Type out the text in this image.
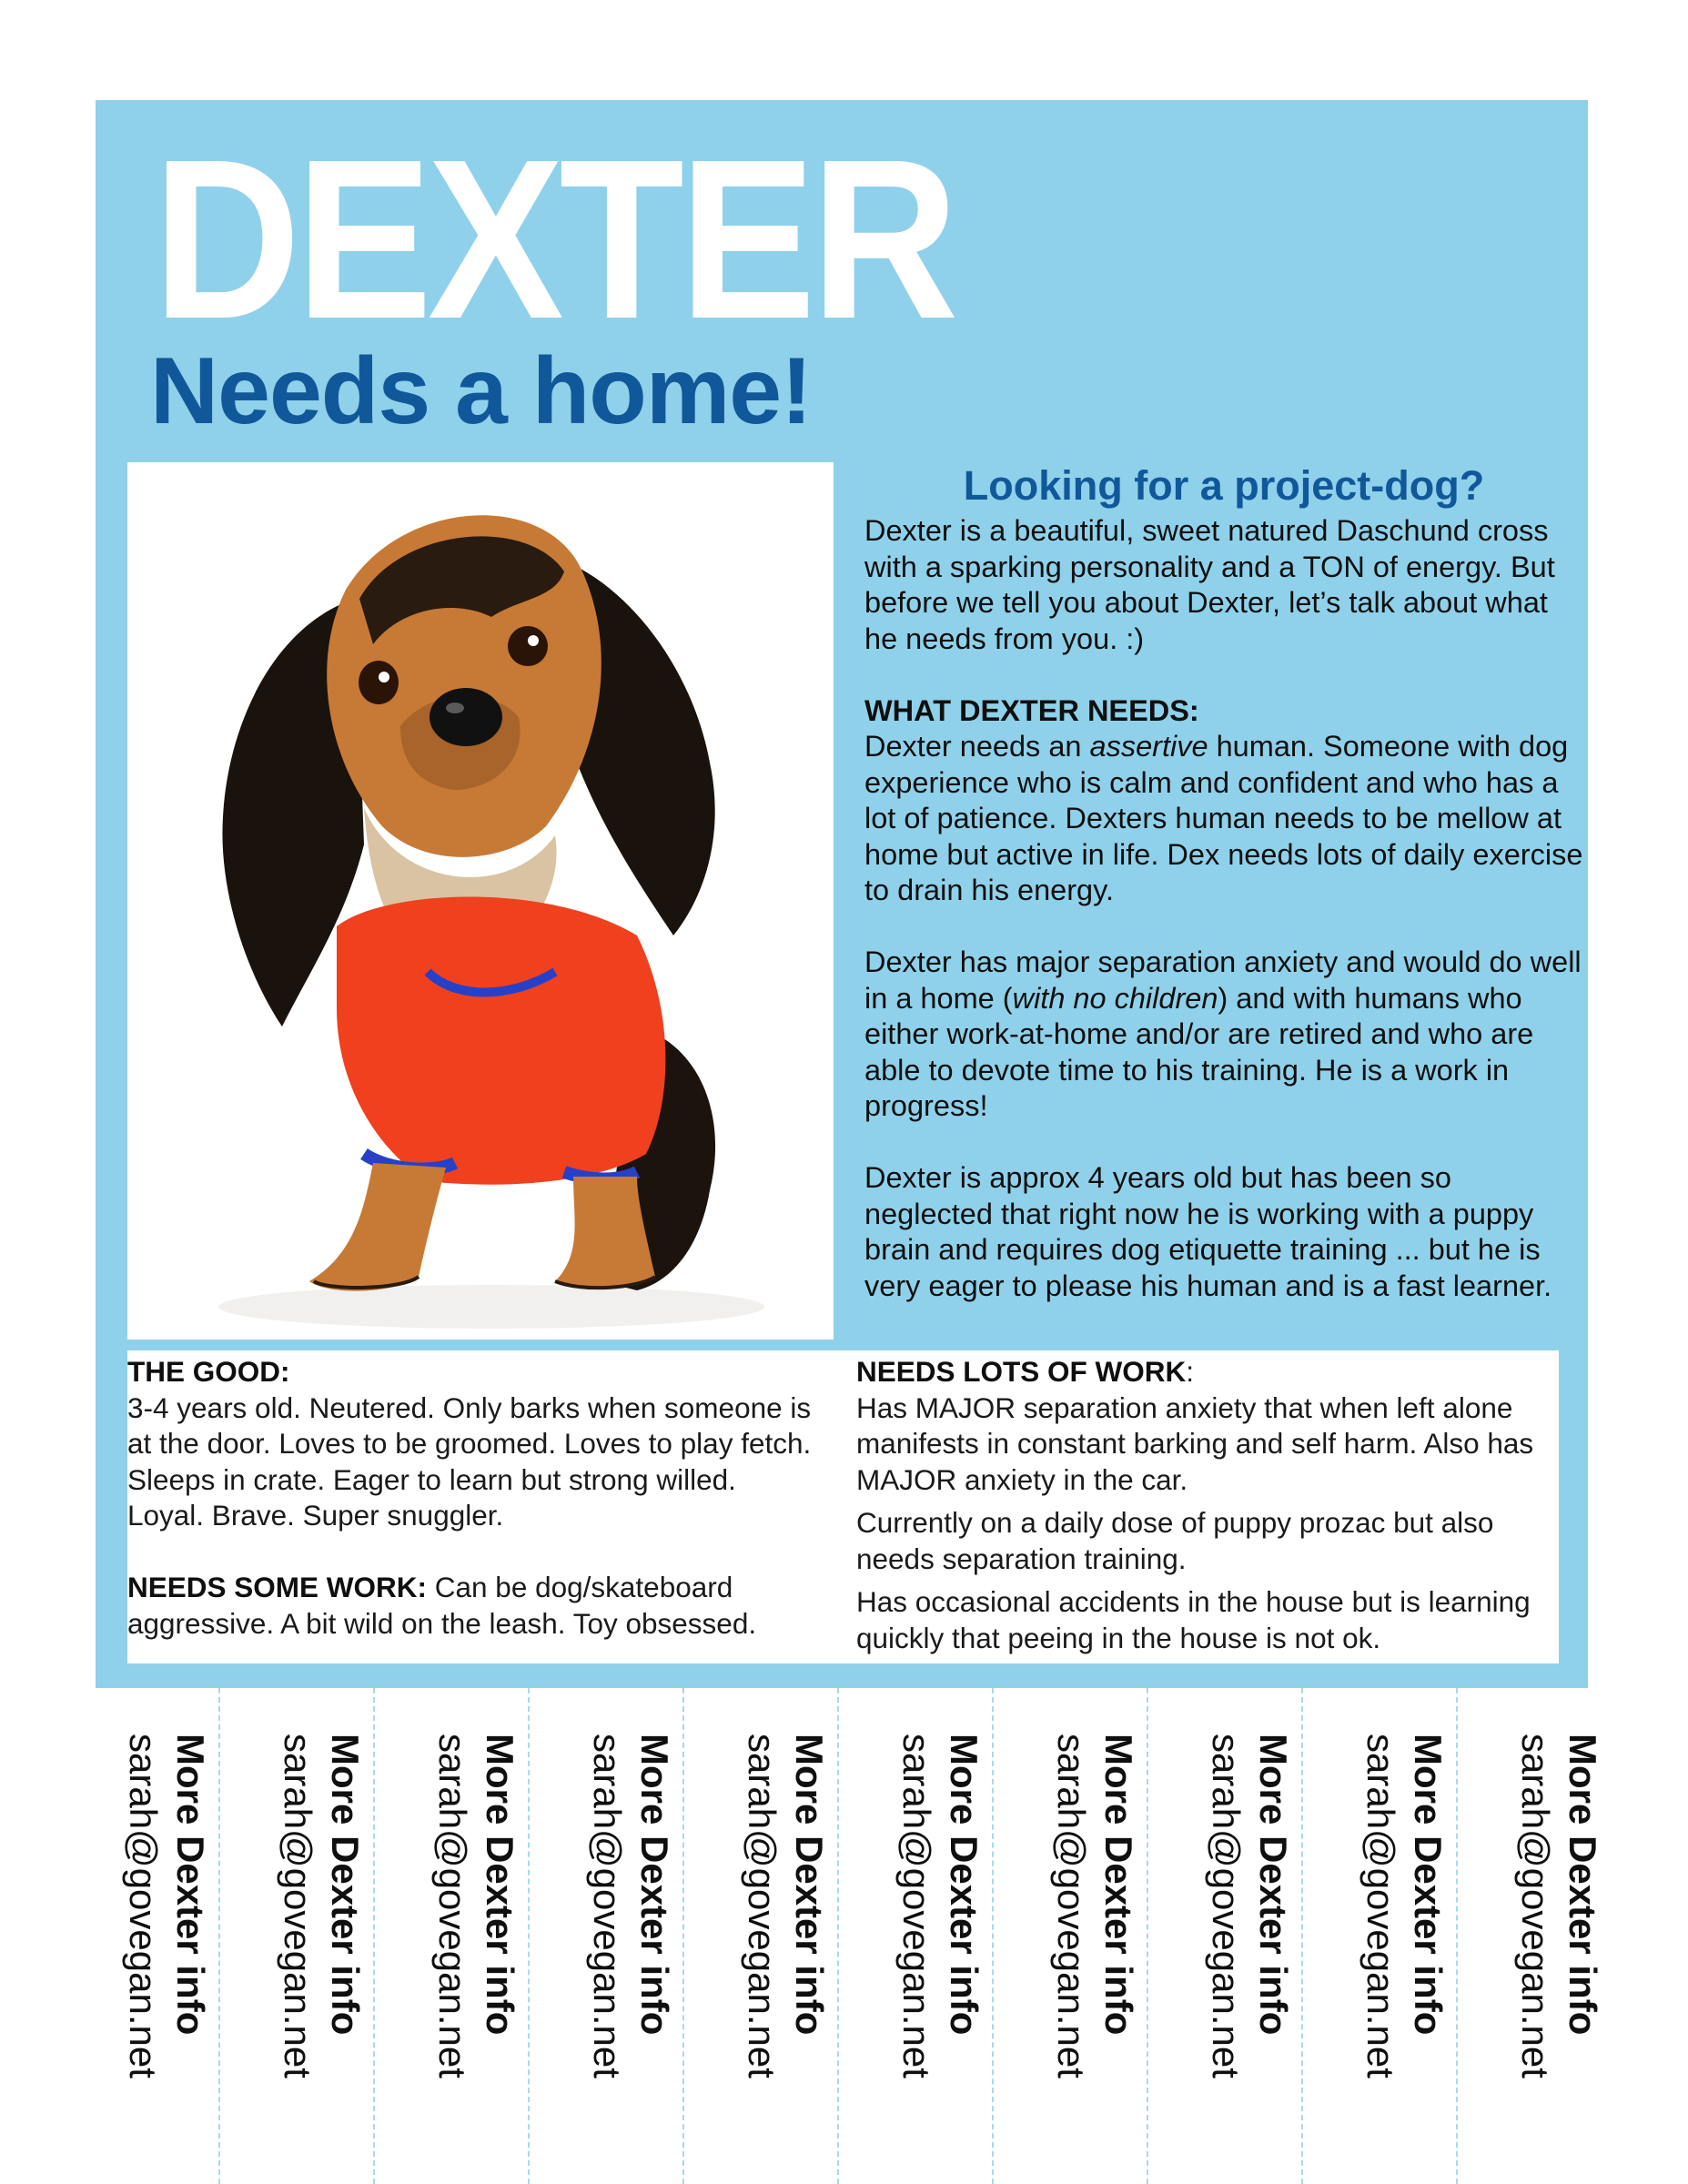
DEXTER
Needs a home!
Looking for a project-dog?

Dexter is a beautiful, sweet natured Daschund cross with a sparking personality and a TON of energy. But before we tell you about Dexter, let’s talk about what he needs from you. :)

WHAT DEXTER NEEDS:
Dexter needs an assertive human. Someone with dog experience who is calm and confident and who has a lot of patience. Dexters human needs to be mellow at home but active in life. Dex needs lots of daily exercise to drain his energy.

Dexter has major separation anxiety and would do well in a home (with no children) and with humans who either work-at-home and/or are retired and who are able to devote time to his training. He is a work in progress!

Dexter is approx 4 years old but has been so neglected that right now he is working with a puppy brain and requires dog etiquette training ... but he is very eager to please his human and is a fast learner.

THE GOOD:

3-4 years old. Neutered. Only barks when someone is at the door. Loves to be groomed. Loves to play fetch. Sleeps in crate. Eager to learn but strong willed. Loyal. Brave. Super snuggler.

NEEDS SOME WORK: Can be dog/skateboard aggressive. A bit wild on the leash. Toy obsessed.

NEEDS LOTS OF WORK:

Has MAJOR separation anxiety that when left alone manifests in constant barking and self harm. Also has MAJOR anxiety in the car.

Currently on a daily dose of puppy prozac but also needs separation training.

Has occasional accidents in the house but is learning quickly that peeing in the house is not ok.

More Dexter info
sarah@govegan.net	More Dexter info
sarah@govegan.net	More Dexter info
sarah@govegan.net	More Dexter info
sarah@govegan.net	More Dexter info
sarah@govegan.net	More Dexter info
sarah@govegan.net	More Dexter info
sarah@govegan.net	More Dexter info
sarah@govegan.net	More Dexter info
sarah@govegan.net	More Dexter info
sarah@govegan.net
